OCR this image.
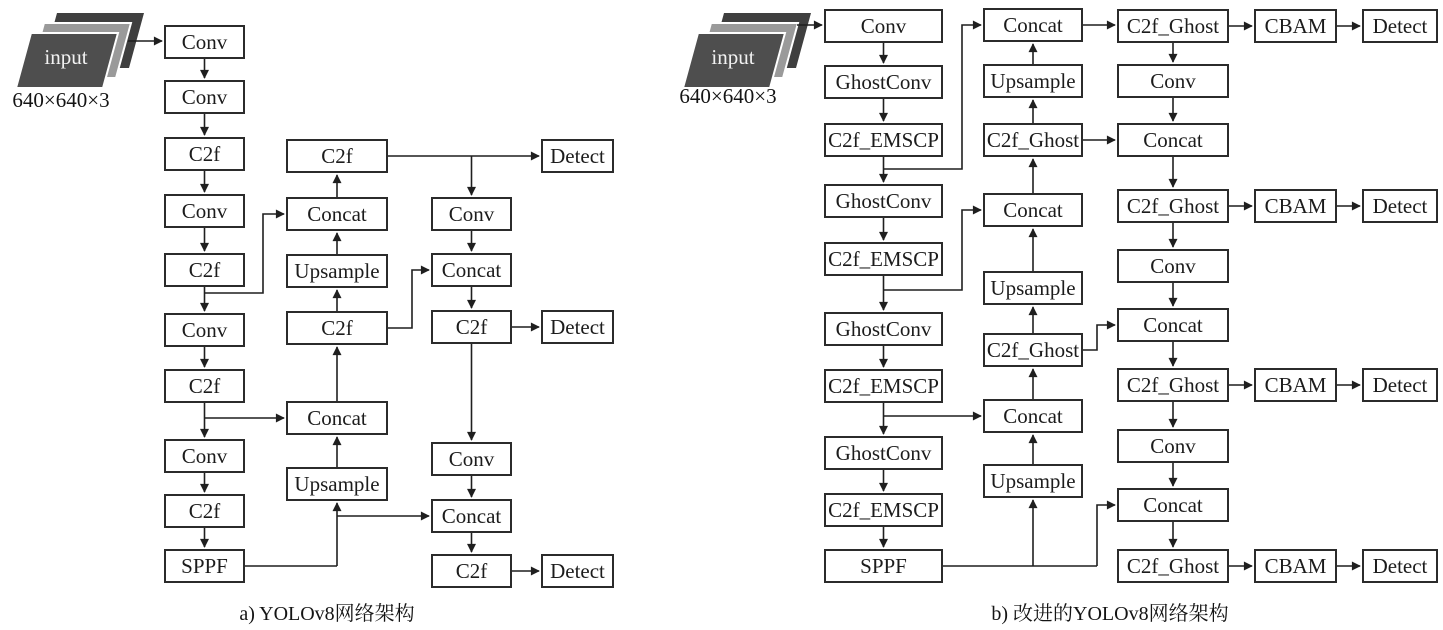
input
640×640×3
Conv
Conv
C2f
Conv
C2f
Conv
C2f
Conv
C2f
SPPF
C2f
Concat
Upsample
C2f
Concat
Upsample
Conv
Concat
C2f
Conv
Concat
C2f
Detect
Detect
Detect
a) YOLOv8网络架构
input
640×640×3
Conv
GhostConv
C2f_EMSCP
GhostConv
C2f_EMSCP
GhostConv
C2f_EMSCP
GhostConv
C2f_EMSCP
SPPF
Concat
Upsample
C2f_Ghost
Concat
Upsample
C2f_Ghost
Concat
Upsample
C2f_Ghost
Conv
Concat
C2f_Ghost
Conv
Concat
C2f_Ghost
Conv
Concat
C2f_Ghost
CBAM
CBAM
CBAM
CBAM
Detect
Detect
Detect
Detect
b) 改进的YOLOv8网络架构
